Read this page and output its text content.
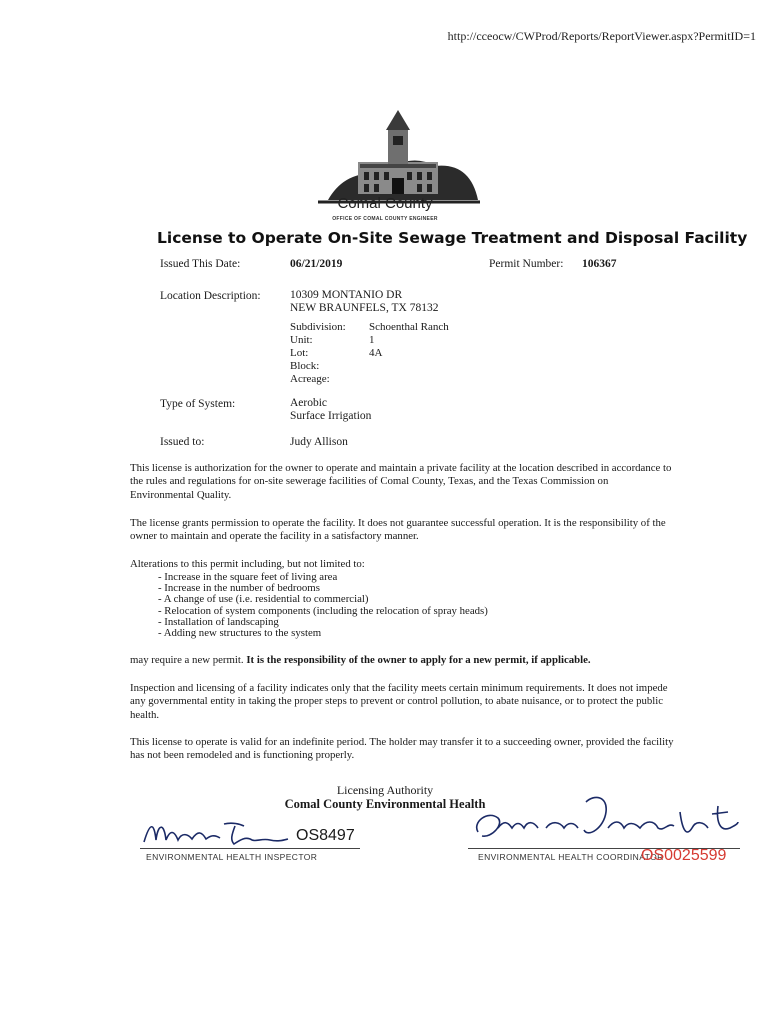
http://cceocw/CWProd/Reports/ReportViewer.aspx?PermitID=1
Comal County
OFFICE OF COMAL COUNTY ENGINEER
License to Operate On-Site Sewage Treatment and Disposal Facility
Issued This Date:	06/21/2019	Permit Number: 106367
Location Description:	10309 MONTANIO DR
NEW BRAUNFELS, TX 78132
Subdivision: Schoenthal Ranch
Unit:	1
Lot:	4A
Block:
Acreage:
Type of System:	Aerobic
Surface Irrigation
Issued to:	Judy Allison
This license is authorization for the owner to operate and maintain a private facility at the location described in accordance to the rules and regulations for on-site sewerage facilities of Comal County, Texas, and the Texas Commission on Environmental Quality.
The license grants permission to operate the facility. It does not guarantee successful operation. It is the responsibility of the owner to maintain and operate the facility in a satisfactory manner.
Alterations to this permit including, but not limited to:
- Increase in the square feet of living area
- Increase in the number of bedrooms
- A change of use (i.e. residential to commercial)
- Relocation of system components (including the relocation of spray heads)
- Installation of landscaping
- Adding new structures to the system
may require a new permit. It is the responsibility of the owner to apply for a new permit, if applicable.
Inspection and licensing of a facility indicates only that the facility meets certain minimum requirements. It does not impede any governmental entity in taking the proper steps to prevent or control pollution, to abate nuisance, or to protect the public health.
This license to operate is valid for an indefinite period. The holder may transfer it to a succeeding owner, provided the facility has not been remodeled and is functioning properly.
Licensing Authority
Comal County Environmental Health
OS8497
ENVIRONMENTAL HEALTH INSPECTOR	ENVIRONMENTAL HEALTH COORDINATOR
OS0025599
